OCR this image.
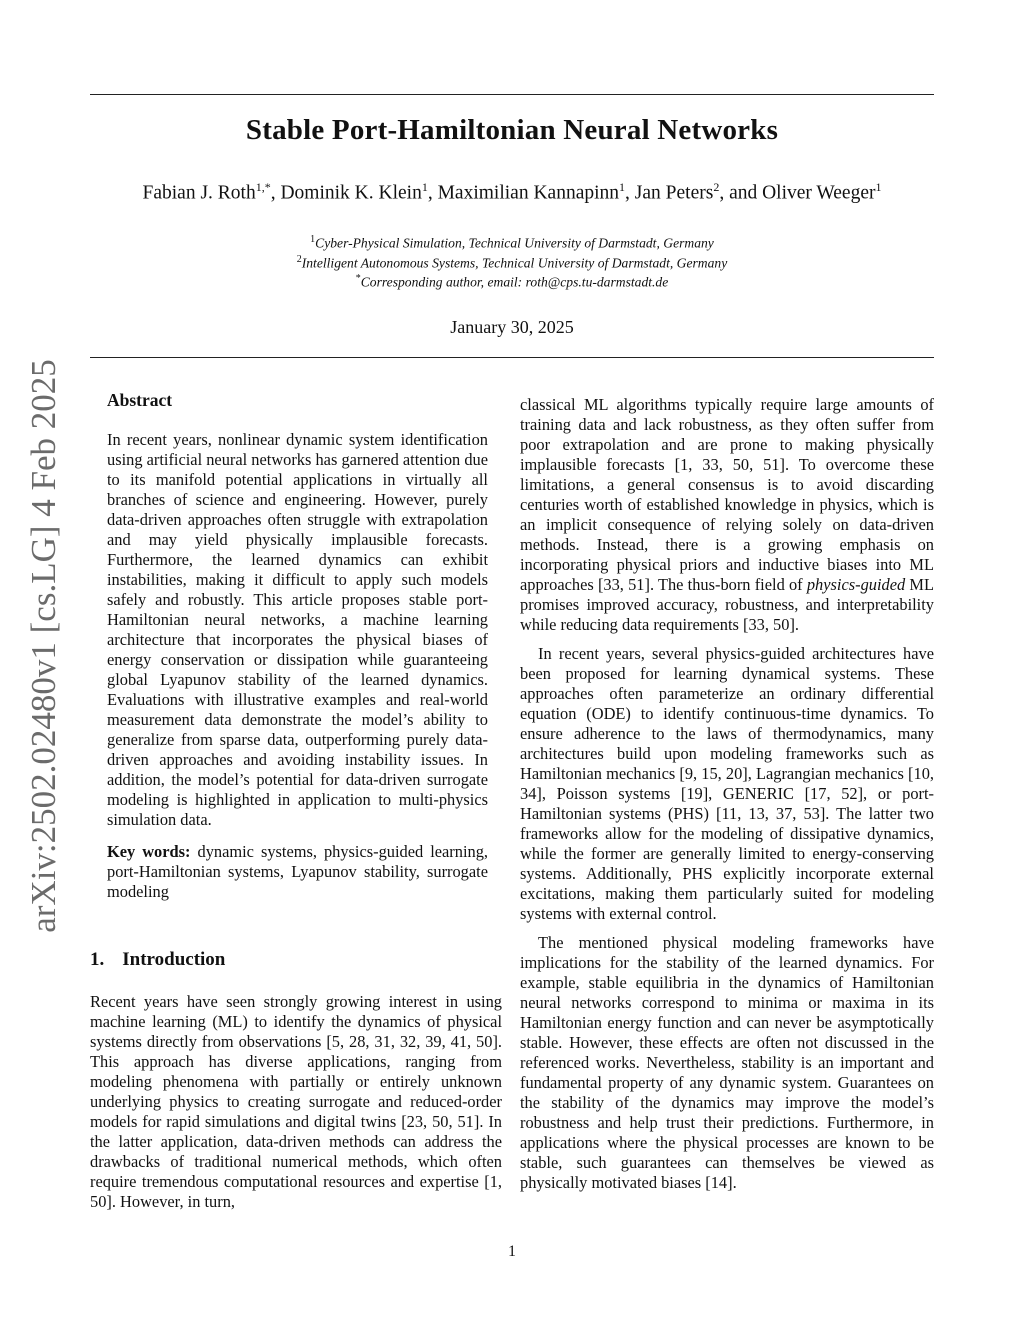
Stable Port-Hamiltonian Neural Networks
Fabian J. Roth$^{1,*}$, Dominik K. Klein$^1$, Maximilian Kannapinn$^1$, Jan Peters$^2$, and Oliver Weeger$^1$
$^1$Cyber-Physical Simulation, Technical University of Darmstadt, Germany
$^2$Intelligent Autonomous Systems, Technical University of Darmstadt, Germany
*Corresponding author, email: roth@cps.tu-darmstadt.de
January 30, 2025
arXiv:2502.02480v1 [cs.LG] 4 Feb 2025	Abstract

In recent years, nonlinear dynamic system identification using artificial neural networks has garnered attention due to its manifold potential applications in virtually all branches of science and engineering. However, purely data-driven approaches often struggle with extrapolation and may yield physically implausible forecasts. Furthermore, the learned dynamics can exhibit instabilities, making it difficult to apply such models safely and robustly. This article proposes stable port-Hamiltonian neural networks, a machine learning architecture that incorporates the physical biases of energy conservation or dissipation while guaranteeing global Lyapunov stability of the learned dynamics. Evaluations with illustrative examples and real-world measurement data demonstrate the model’s ability to generalize from sparse data, outperforming purely data-driven approaches and avoiding instability issues. In addition, the model’s potential for data-driven surrogate modeling is highlighted in application to multi-physics simulation data.

Key words: dynamic systems, physics-guided learning, port-Hamiltonian systems, Lyapunov stability, surrogate modeling

1. Introduction

Recent years have seen strongly growing interest in using machine learning (ML) to identify the dynamics of physical systems directly from observations [5, 28, 31, 32, 39, 41, 50]. This approach has diverse applications, ranging from modeling phenomena with partially or entirely unknown underlying physics to creating surrogate and reduced-order models for rapid simulations and digital twins [23, 50, 51]. In the latter application, data-driven methods can address the drawbacks of traditional numerical methods, which often require tremendous computational resources and expertise [1, 50]. However, in turn,

classical ML algorithms typically require large amounts of training data and lack robustness, as they often suffer from poor extrapolation and are prone to making physically implausible forecasts [1, 33, 50, 51]. To overcome these limitations, a general consensus is to avoid discarding centuries worth of established knowledge in physics, which is an implicit consequence of relying solely on data-driven methods. Instead, there is a growing emphasis on incorporating physical priors and inductive biases into ML approaches [33, 51]. The thus-born field of physics-guided ML promises improved accuracy, robustness, and interpretability while reducing data requirements [33, 50].

In recent years, several physics-guided architectures have been proposed for learning dynamical systems. These approaches often parameterize an ordinary differential equation (ODE) to identify continuous-time dynamics. To ensure adherence to the laws of thermodynamics, many architectures build upon modeling frameworks such as Hamiltonian mechanics [9, 15, 20], Lagrangian mechanics [10, 34], Poisson systems [19], GENERIC [17, 52], or port-Hamiltonian systems (PHS) [11, 13, 37, 53]. The latter two frameworks allow for the modeling of dissipative dynamics, while the former are generally limited to energy-conserving systems. Additionally, PHS explicitly incorporate external excitations, making them particularly suited for modeling systems with external control.

The mentioned physical modeling frameworks have implications for the stability of the learned dynamics. For example, stable equilibria in the dynamics of Hamiltonian neural networks correspond to minima or maxima in its Hamiltonian energy function and can never be asymptotically stable. However, these effects are often not discussed in the referenced works. Nevertheless, stability is an important and fundamental property of any dynamic system. Guarantees on the stability of the dynamics may improve the model’s robustness and help trust their predictions. Furthermore, in applications where the physical processes are known to be stable, such guarantees can themselves be viewed as physically motivated biases [14].

1
